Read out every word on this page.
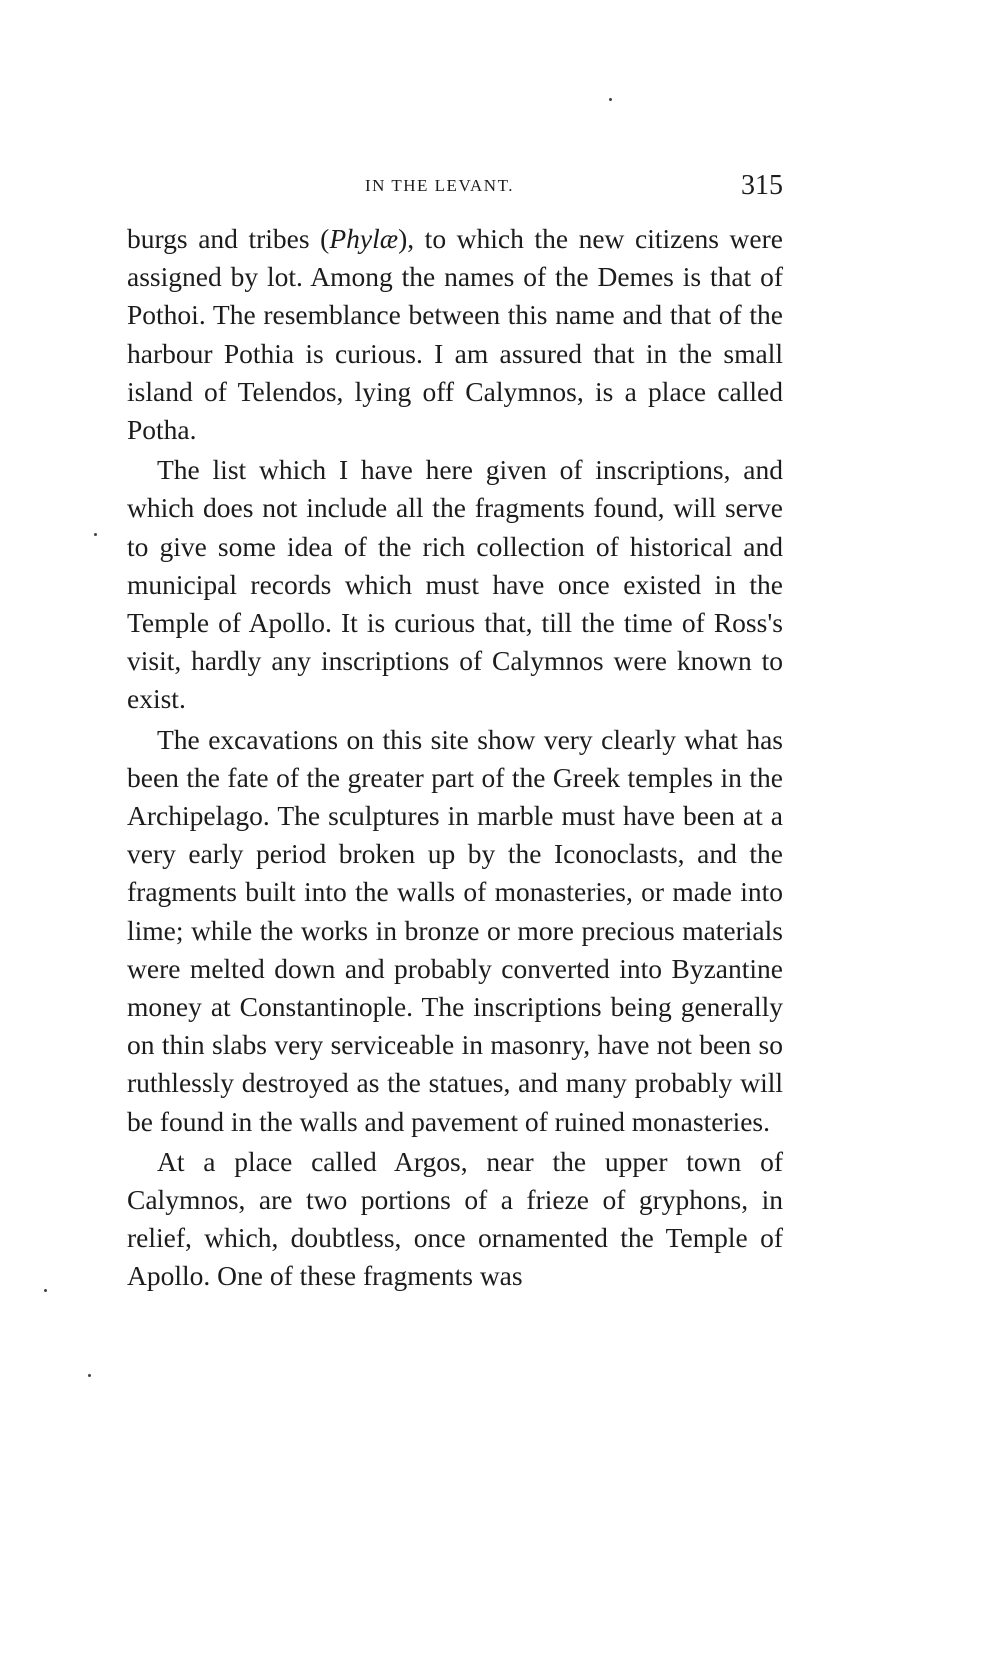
IN THE LEVANT.	315

burgs and tribes (Phylæ), to which the new citizens were assigned by lot. Among the names of the Demes is that of Pothoi. The resemblance between this name and that of the harbour Pothia is curious. I am assured that in the small island of Telendos, lying off Calymnos, is a place called Potha.

The list which I have here given of inscriptions, and which does not include all the fragments found, will serve to give some idea of the rich collection of historical and municipal records which must have once existed in the Temple of Apollo. It is curious that, till the time of Ross's visit, hardly any inscriptions of Calymnos were known to exist.

The excavations on this site show very clearly what has been the fate of the greater part of the Greek temples in the Archipelago. The sculptures in marble must have been at a very early period broken up by the Iconoclasts, and the fragments built into the walls of monasteries, or made into lime; while the works in bronze or more precious materials were melted down and probably converted into Byzantine money at Constantinople. The inscriptions being generally on thin slabs very serviceable in masonry, have not been so ruthlessly destroyed as the statues, and many probably will be found in the walls and pavement of ruined monasteries.

At a place called Argos, near the upper town of Calymnos, are two portions of a frieze of gryphons, in relief, which, doubtless, once ornamented the Temple of Apollo. One of these fragments was
